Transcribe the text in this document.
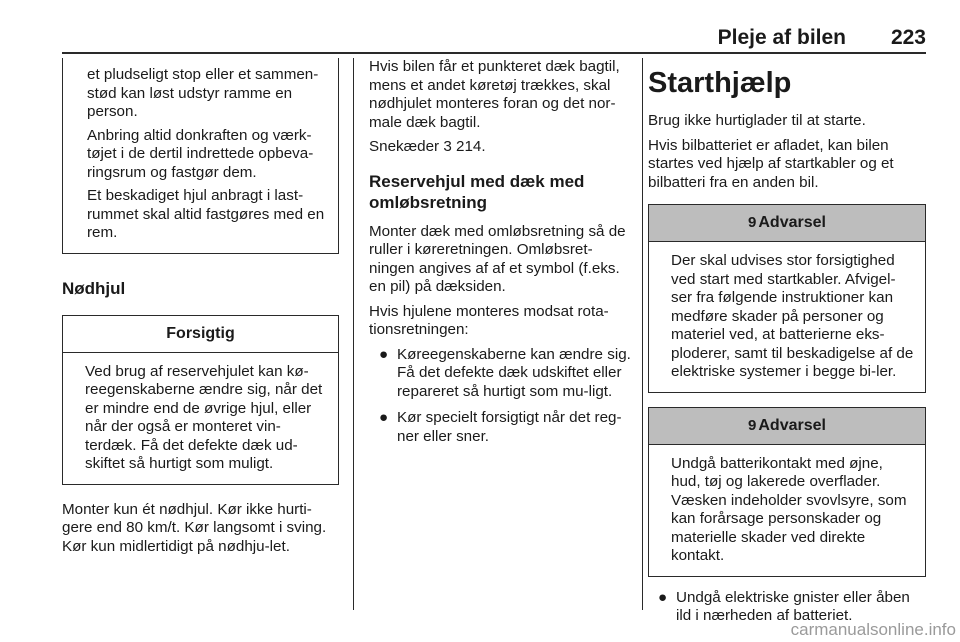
Pleje af bilen 223

et pludseligt stop eller et sammen-stød kan løst udstyr ramme en person.

Anbring altid donkraften og værk-tøjet i de dertil indrettede opbeva-ringsrum og fastgør dem.

Et beskadiget hjul anbragt i last-rummet skal altid fastgøres med en rem.

Nødhjul
Forsigtig
Ved brug af reservehjulet kan kø-reegenskaberne ændre sig, når det er mindre end de øvrige hjul, eller når der også er monteret vin-terdæk. Få det defekte dæk ud-skiftet så hurtigt som muligt.

Monter kun ét nødhjul. Kør ikke hurti-gere end 80 km/t. Kør langsomt i sving. Kør kun midlertidigt på nødhju-let.

Hvis bilen får et punkteret dæk bagtil, mens et andet køretøj trækkes, skal nødhjulet monteres foran og det nor-male dæk bagtil.

Snekæder 3 214.

Reservehjul med dæk med omløbsretning

Monter dæk med omløbsretning så de ruller i køreretningen. Omløbsret-ningen angives af af et symbol (f.eks. en pil) på dæksiden.

Hvis hjulene monteres modsat rota-tionsretningen:

● Køreegenskaberne kan ændre sig. Få det defekte dæk udskiftet eller repareret så hurtigt som mu-ligt.
● Kør specielt forsigtigt når det reg-ner eller sner.
Starthjælp

Brug ikke hurtiglader til at starte.

Hvis bilbatteriet er afladet, kan bilen startes ved hjælp af startkabler og et bilbatteri fra en anden bil.

9 Advarsel
Der skal udvises stor forsigtighed ved start med startkabler. Afvigel-ser fra følgende instruktioner kan medføre skader på personer og materiel ved, at batterierne eks-ploderer, samt til beskadigelse af de elektriske systemer i begge bi-ler.
9 Advarsel
Undgå batterikontakt med øjne, hud, tøj og lakerede overflader. Væsken indeholder svovlsyre, som kan forårsage personskader og materielle skader ved direkte kontakt.
● Undgå elektriske gnister eller åben ild i nærheden af batteriet.
carmanualsonline.info
